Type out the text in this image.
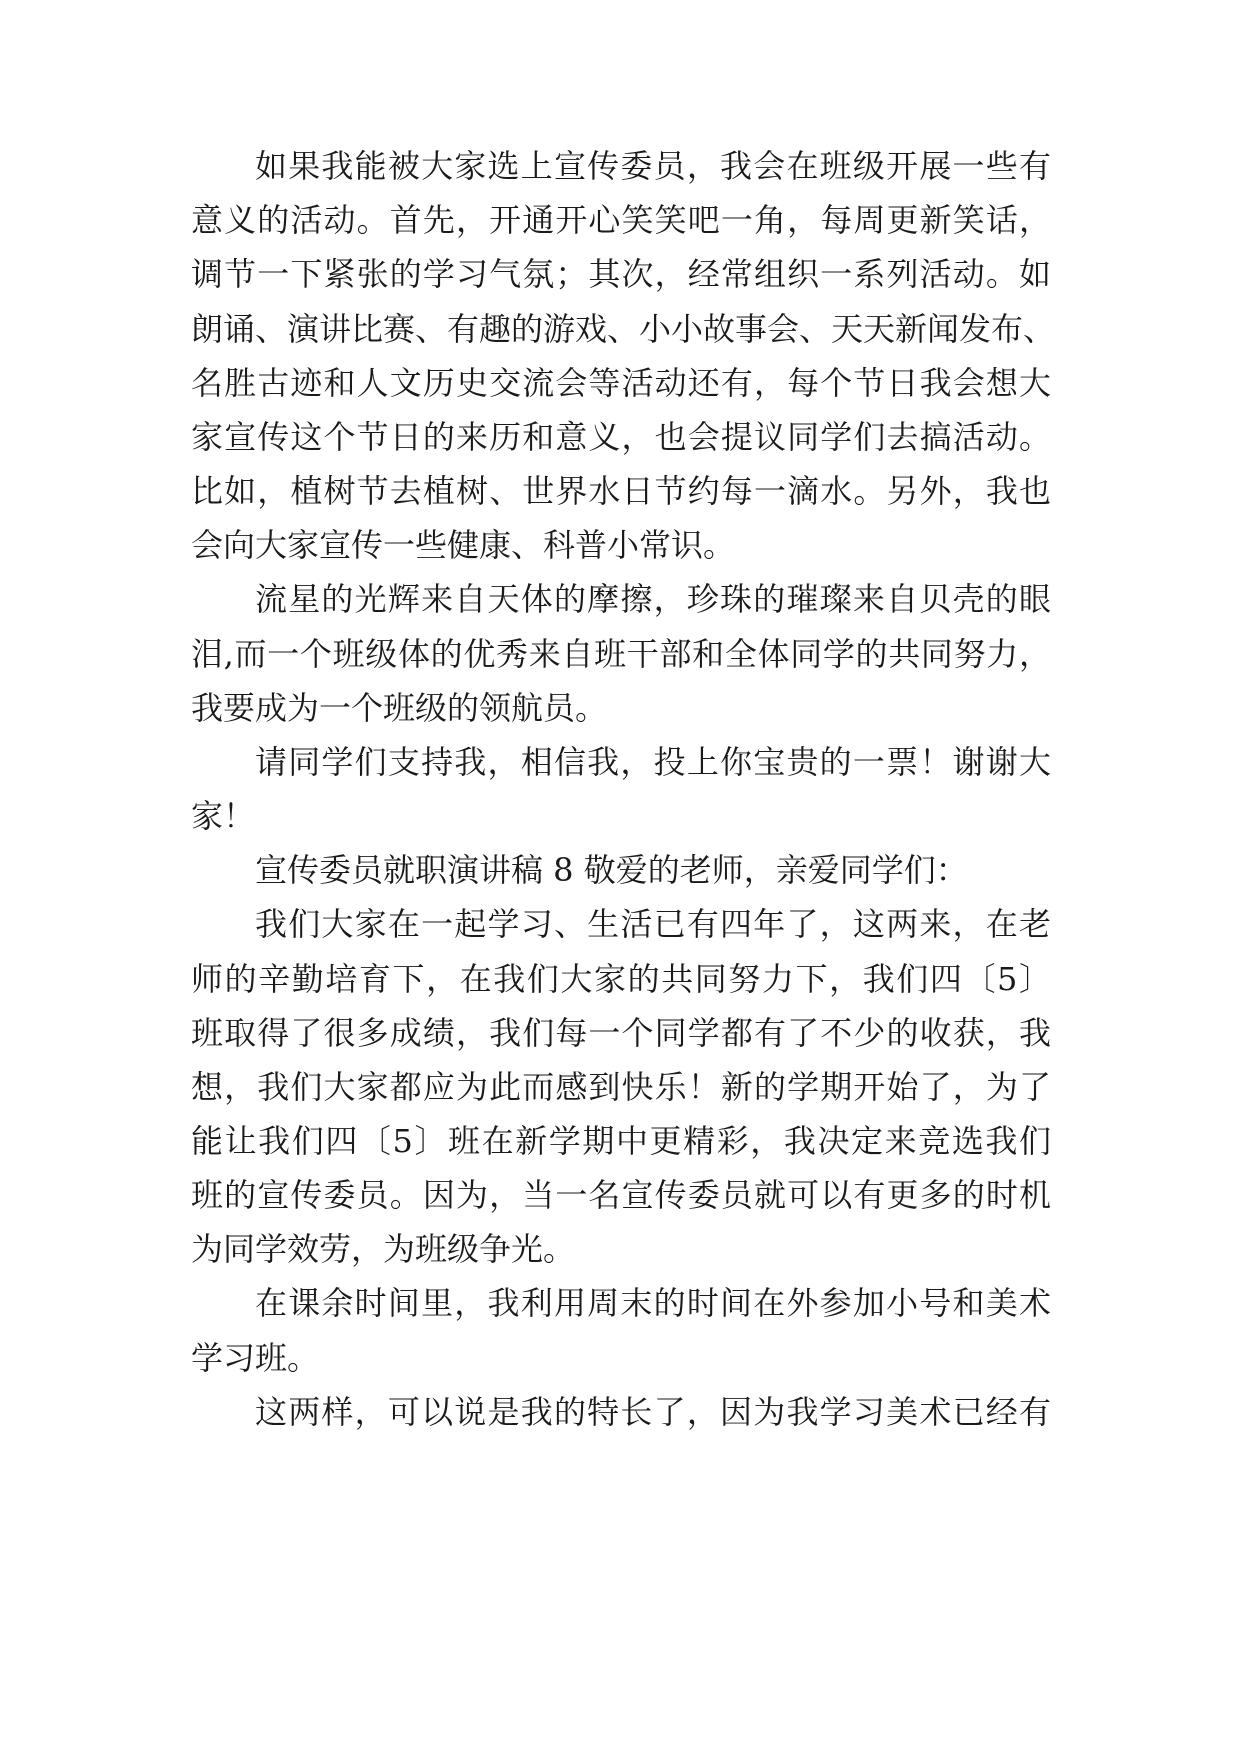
如果我能被大家选上宣传委员，我会在班级开展一些有
意义的活动。首先，开通开心笑笑吧一角，每周更新笑话，
调节一下紧张的学习气氛；其次，经常组织一系列活动。如
朗诵、演讲比赛、有趣的游戏、小小故事会、天天新闻发布、
名胜古迹和人文历史交流会等活动还有，每个节日我会想大
家宣传这个节日的来历和意义，也会提议同学们去搞活动。
比如，植树节去植树、世界水日节约每一滴水。另外，我也
会向大家宣传一些健康、科普小常识。
流星的光辉来自天体的摩擦，珍珠的璀璨来自贝壳的眼
泪,而一个班级体的优秀来自班干部和全体同学的共同努力，
我要成为一个班级的领航员。
请同学们支持我，相信我，投上你宝贵的一票！谢谢大
家！
宣传委员就职演讲稿 8 敬爱的老师，亲爱同学们：
我们大家在一起学习、生活已有四年了，这两来，在老
师的辛勤培育下，在我们大家的共同努力下，我们四〔5〕
班取得了很多成绩，我们每一个同学都有了不少的收获，我
想，我们大家都应为此而感到快乐！新的学期开始了，为了
能让我们四〔5〕班在新学期中更精彩，我决定来竞选我们
班的宣传委员。因为，当一名宣传委员就可以有更多的时机
为同学效劳，为班级争光。
在课余时间里，我利用周末的时间在外参加小号和美术
学习班。
这两样，可以说是我的特长了，因为我学习美术已经有
